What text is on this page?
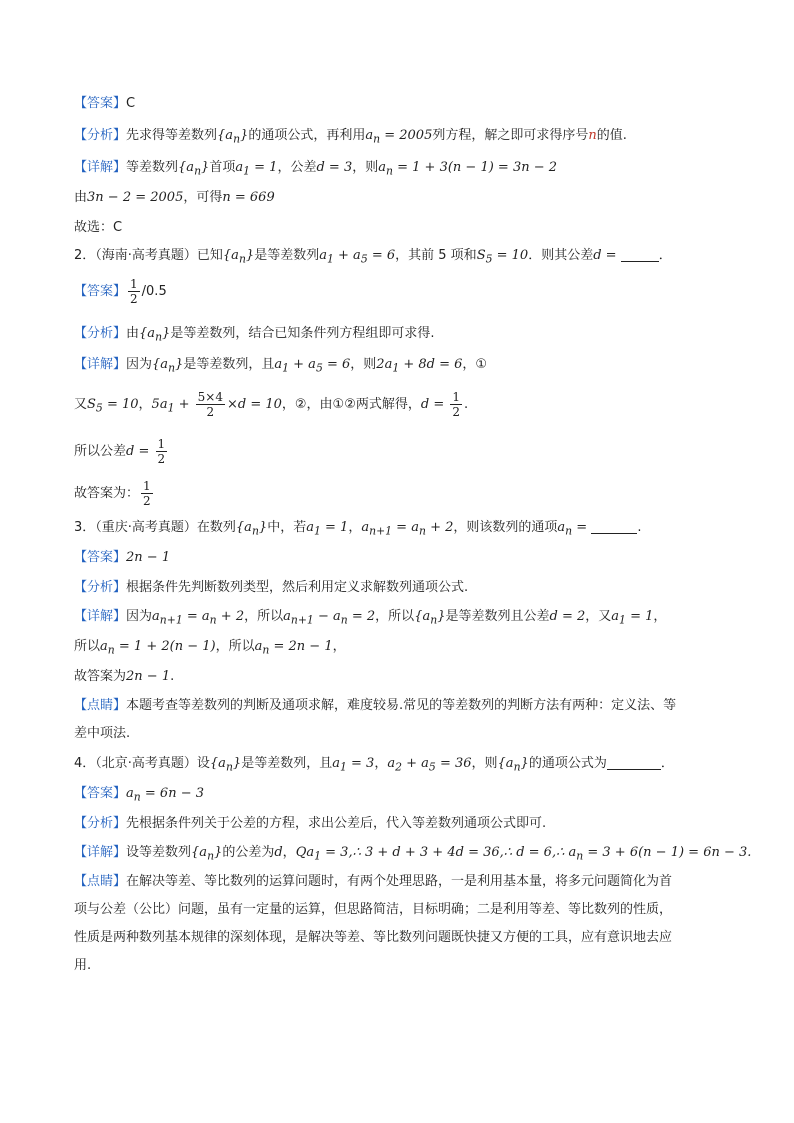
【答案】C
【分析】先求得等差数列$\{a_n\}$的通项公式，再利用$a_n = 2005$列方程，解之即可求得序号n的值.
【详解】等差数列$\{a_n\}$首项$a_1 = 1$，公差d = 3，则$a_n = 1 + 3(n - 1) = 3n - 2$
由3n − 2 = 2005，可得n = 669
故选：C
2．（海南·高考真题）已知$\{a_n\}$是等差数列$a_1 + a_5 = 6$，其前 5 项和$S_5 = 10$．则其公差d =	．
【答案】 $\frac{1}{2} /0.5$
【分析】由$\{a_n\}$是等差数列，结合已知条件列方程组即可求得.
【详解】因为$\{a_n\}$是等差数列，且$a_1 + a_5 = 6$，则$2a_1 + 8d = 6$，①
又$S_5 = 10$，$5a_1 + \frac{5\times 4}{2} \times d = 10$，②，由①②两式解得，$d = \frac{1}{2}$ .
所以公差$d = \frac{1}{2}$
故答案为： $\frac{1}{2}$
3．（重庆·高考真题）在数列$\{a_n\}$中，若$a_1 = 1$，$a_{n+1} = a_n + 2$，则该数列的通项$a_n$ =	.
【答案】2n − 1
【分析】根据条件先判断数列类型，然后利用定义求解数列通项公式.
【详解】因为$a_{n+1} = a_n + 2$，所以$a_{n+1} - a_n = 2$，所以$\{a_n\}$是等差数列且公差d = 2，又$a_1 = 1$，
所以$a_n = 1 + 2(n - 1)$，所以$a_n = 2n - 1$，
故答案为2n − 1.
【点睛】本题考查等差数列的判断及通项求解，难度较易.常见的等差数列的判断方法有两种：定义法、等
差中项法.
4．（北京·高考真题）设$\{a_n\}$是等差数列，且$a_1 = 3$，$a_2 + a_5 = 36$，则$\{a_n\}$的通项公式为	．
【答案】$a_n = 6n - 3$
【分析】先根据条件列关于公差的方程，求出公差后，代入等差数列通项公式即可.
【详解】设等差数列$\{a_n\}$的公差为d，$Qa_1$ = 3,∴ 3 + d + 3 + 4d = 36,∴ d = 6,∴ $a_n = 3 + 6(n - 1) = 6n - 3$.
【点睛】在解决等差、等比数列的运算问题时，有两个处理思路，一是利用基本量，将多元问题简化为首
项与公差（公比）问题，虽有一定量的运算，但思路简洁，目标明确；二是利用等差、等比数列的性质，
性质是两种数列基本规律的深刻体现，是解决等差、等比数列问题既快捷又方便的工具，应有意识地去应
用.
